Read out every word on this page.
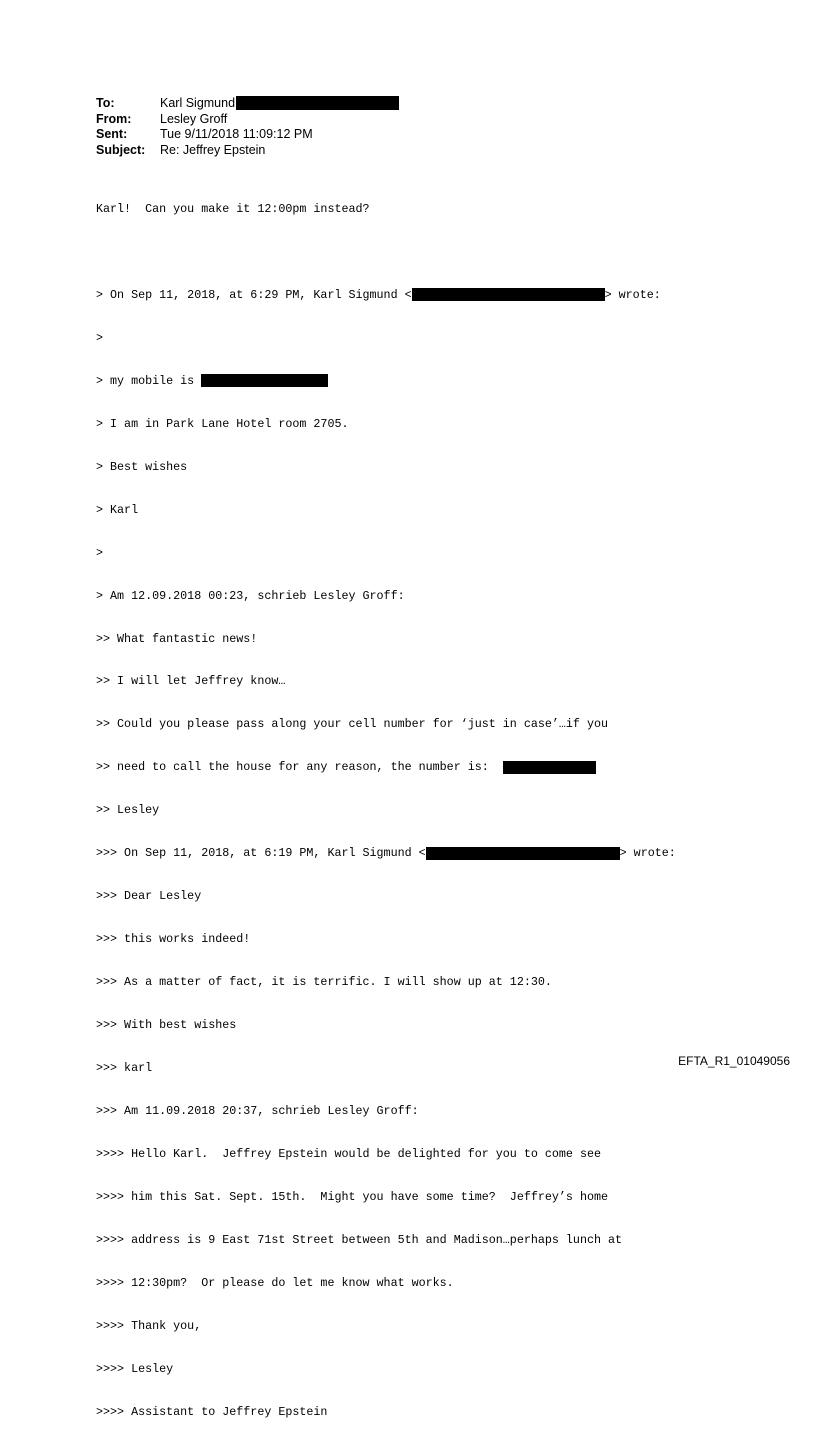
To:	Karl Sigmund
From:	Lesley Groff
Sent:	Tue 9/11/2018 11:09:12 PM
Subject:	Re: Jeffrey Epstein

Karl!  Can you make it 12:00pm instead?

> On Sep 11, 2018, at 6:29 PM, Karl Sigmund <	> wrote:

>

> my mobile is

> I am in Park Lane Hotel room 2705.

> Best wishes

> Karl

>

> Am 12.09.2018 00:23, schrieb Lesley Groff:

>> What fantastic news!

>> I will let Jeffrey know…

>> Could you please pass along your cell number for ‘just in case’…if you

>> need to call the house for any reason, the number is:

>> Lesley

>>> On Sep 11, 2018, at 6:19 PM, Karl Sigmund <	> wrote:

>>> Dear Lesley

>>> this works indeed!

>>> As a matter of fact, it is terrific. I will show up at 12:30.

>>> With best wishes

>>> karl

>>> Am 11.09.2018 20:37, schrieb Lesley Groff:

>>>> Hello Karl.  Jeffrey Epstein would be delighted for you to come see

>>>> him this Sat. Sept. 15th.  Might you have some time?  Jeffrey’s home

>>>> address is 9 East 71st Street between 5th and Madison…perhaps lunch at

>>>> 12:30pm?  Or please do let me know what works.

>>>> Thank you,

>>>> Lesley

>>>> Assistant to Jeffrey Epstein

EFTA_R1_01049056
